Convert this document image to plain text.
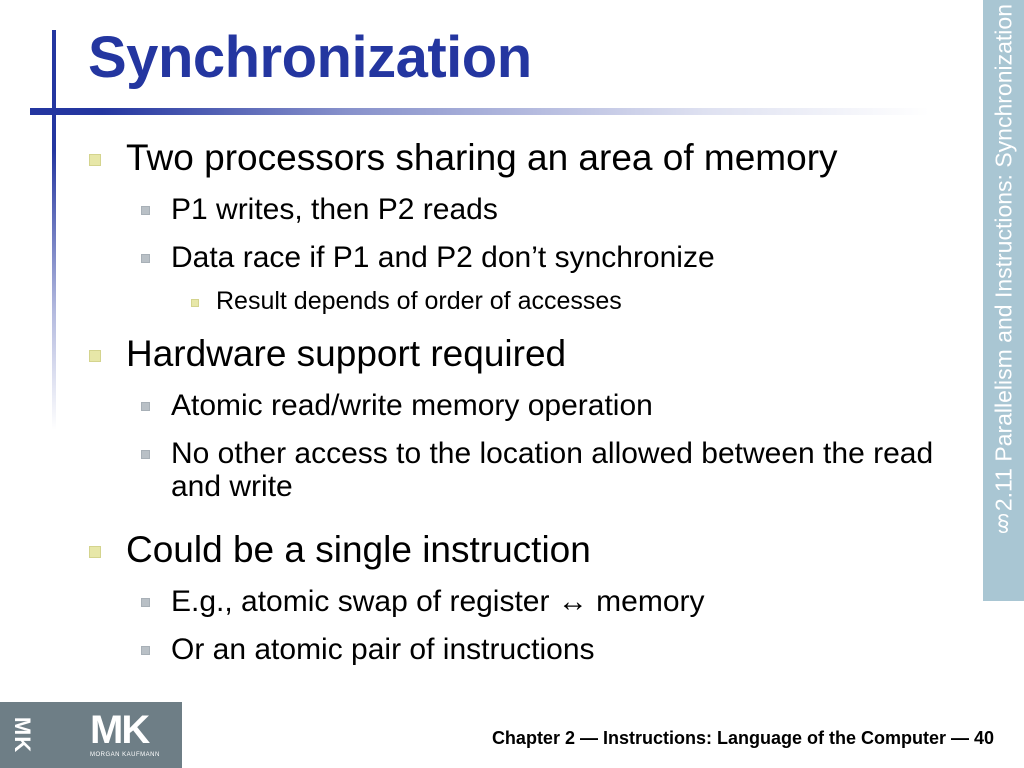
Synchronization	§2.11 Parallelism and Instructions: Synchronization
Two processors sharing an area of memory
P1 writes, then P2 reads
Data race if P1 and P2 don’t synchronize
Result depends of order of accesses
Hardware support required
Atomic read/write memory operation
No other access to the location allowed between the read and write
Could be a single instruction
E.g., atomic swap of register ↔ memory
Or an atomic pair of instructions
MK MK
MORGAN KAUFMANN
Chapter 2 — Instructions: Language of the Computer — 40
